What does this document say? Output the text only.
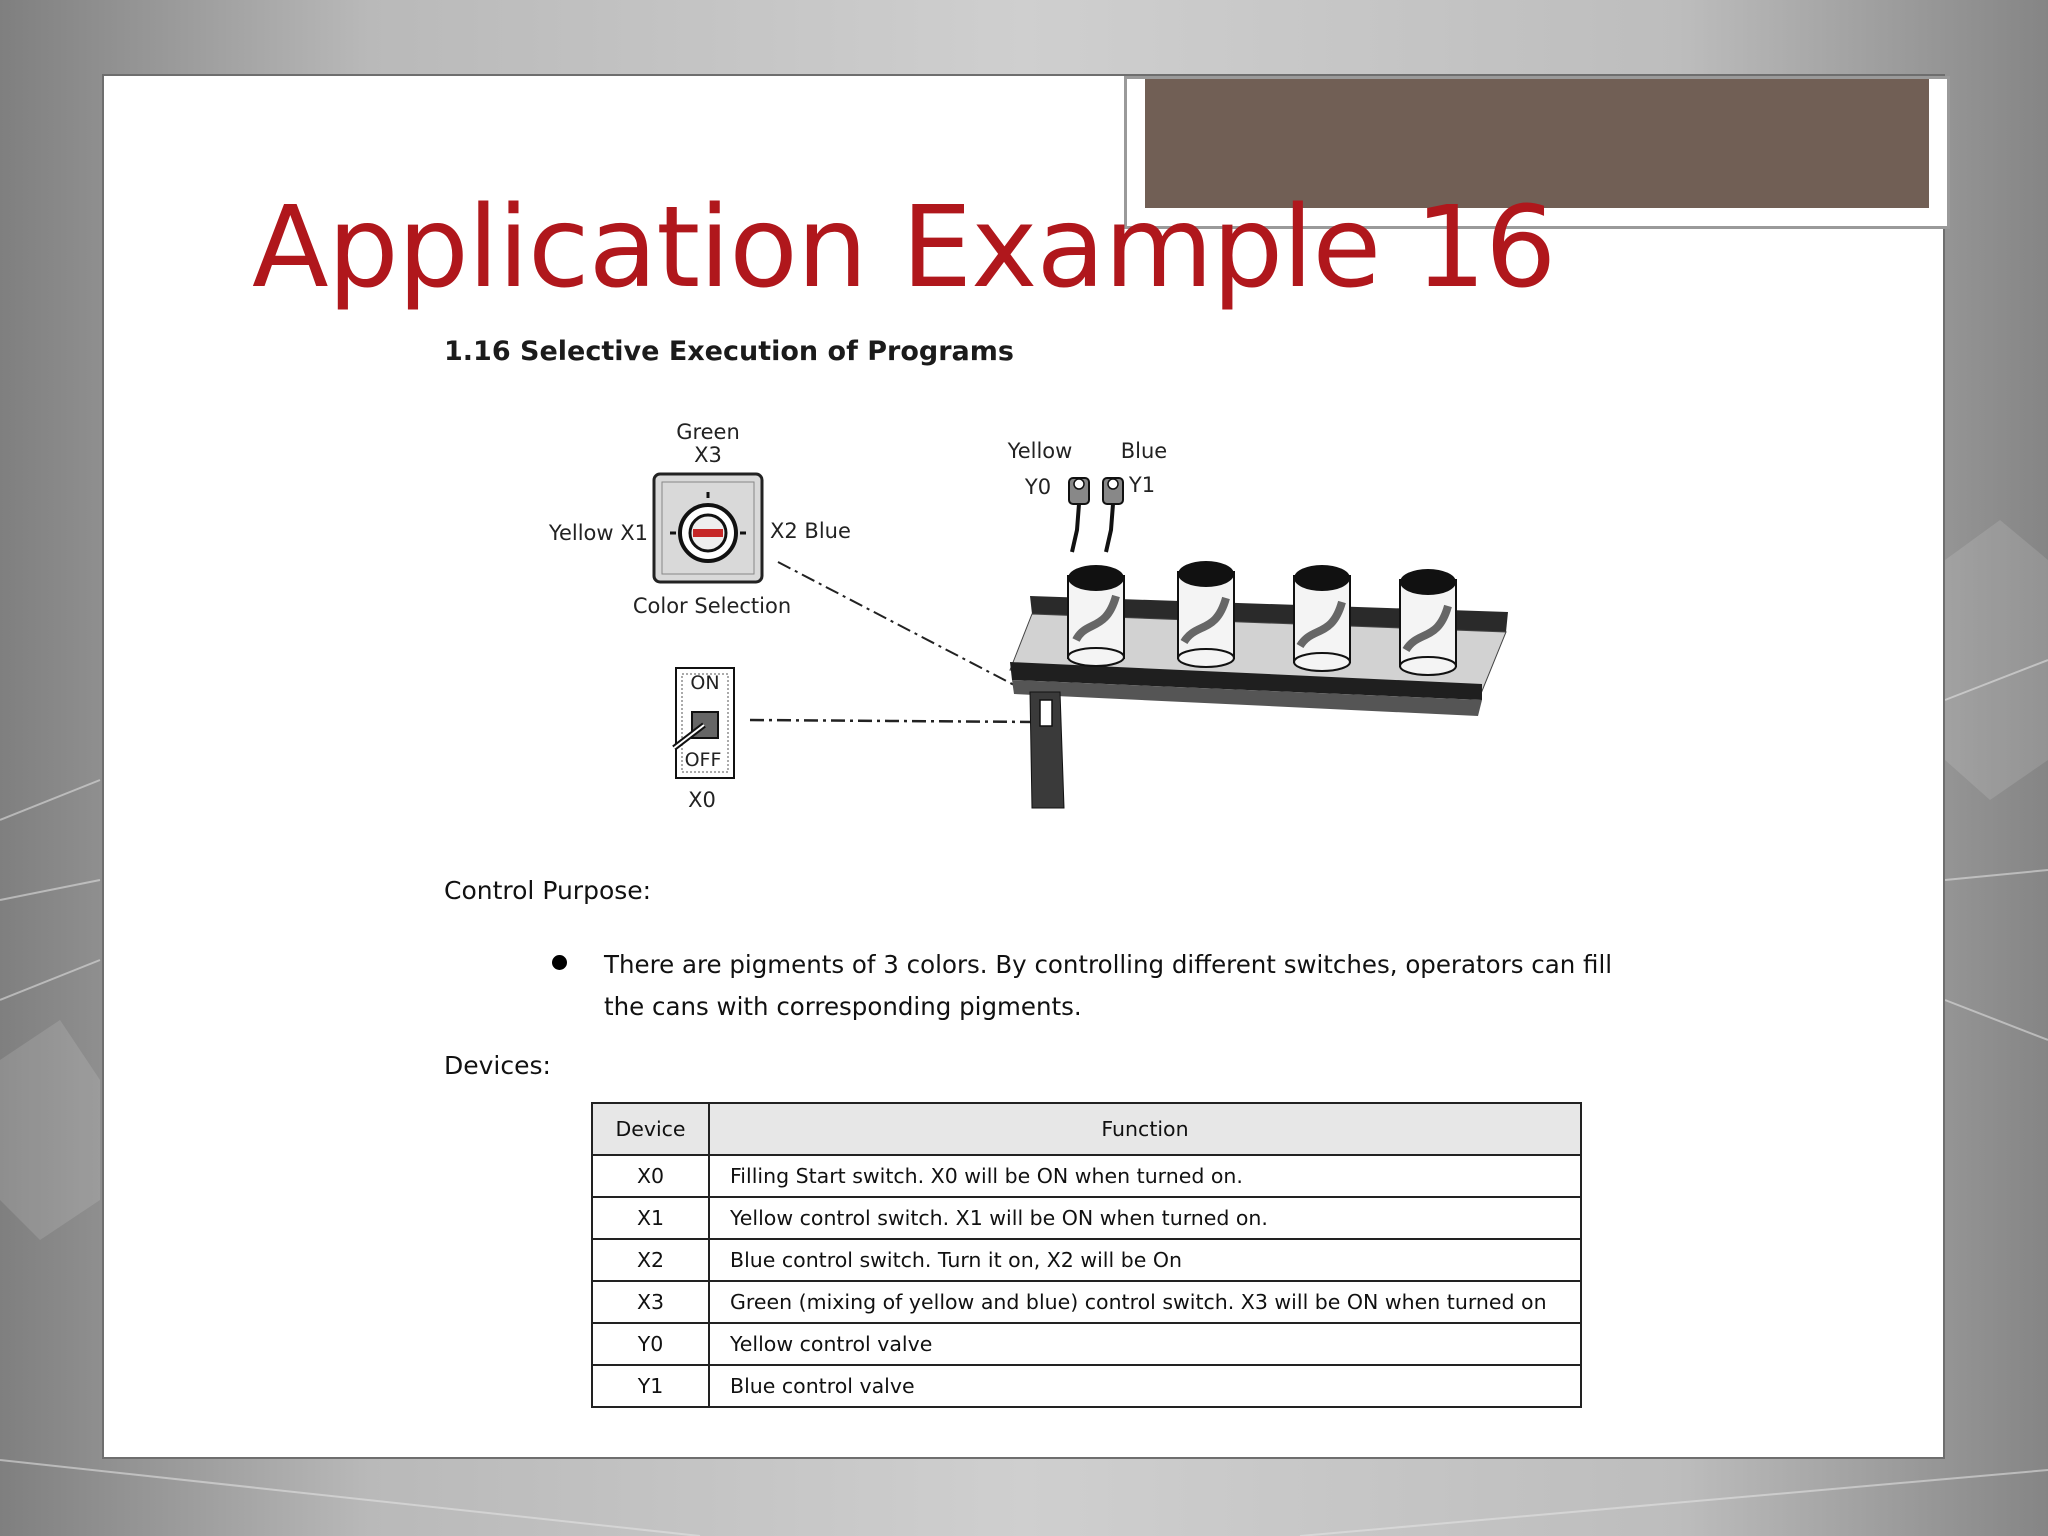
Application Example 16
1.16 Selective Execution of Programs
Green
X3
Yellow X1	X2 Blue
Color Selection
ON
OFF
X0
Yellow Blue
Y0	Y1
Control Purpose:
There are pigments of 3 colors. By controlling different switches, operators can fill the cans with corresponding pigments.
Devices:
Device	Function
X0	Filling Start switch. X0 will be ON when turned on.
X1	Yellow control switch. X1 will be ON when turned on.
X2	Blue control switch. Turn it on, X2 will be On
X3	Green (mixing of yellow and blue) control switch. X3 will be ON when turned on
Y0	Yellow control valve
Y1	Blue control valve
